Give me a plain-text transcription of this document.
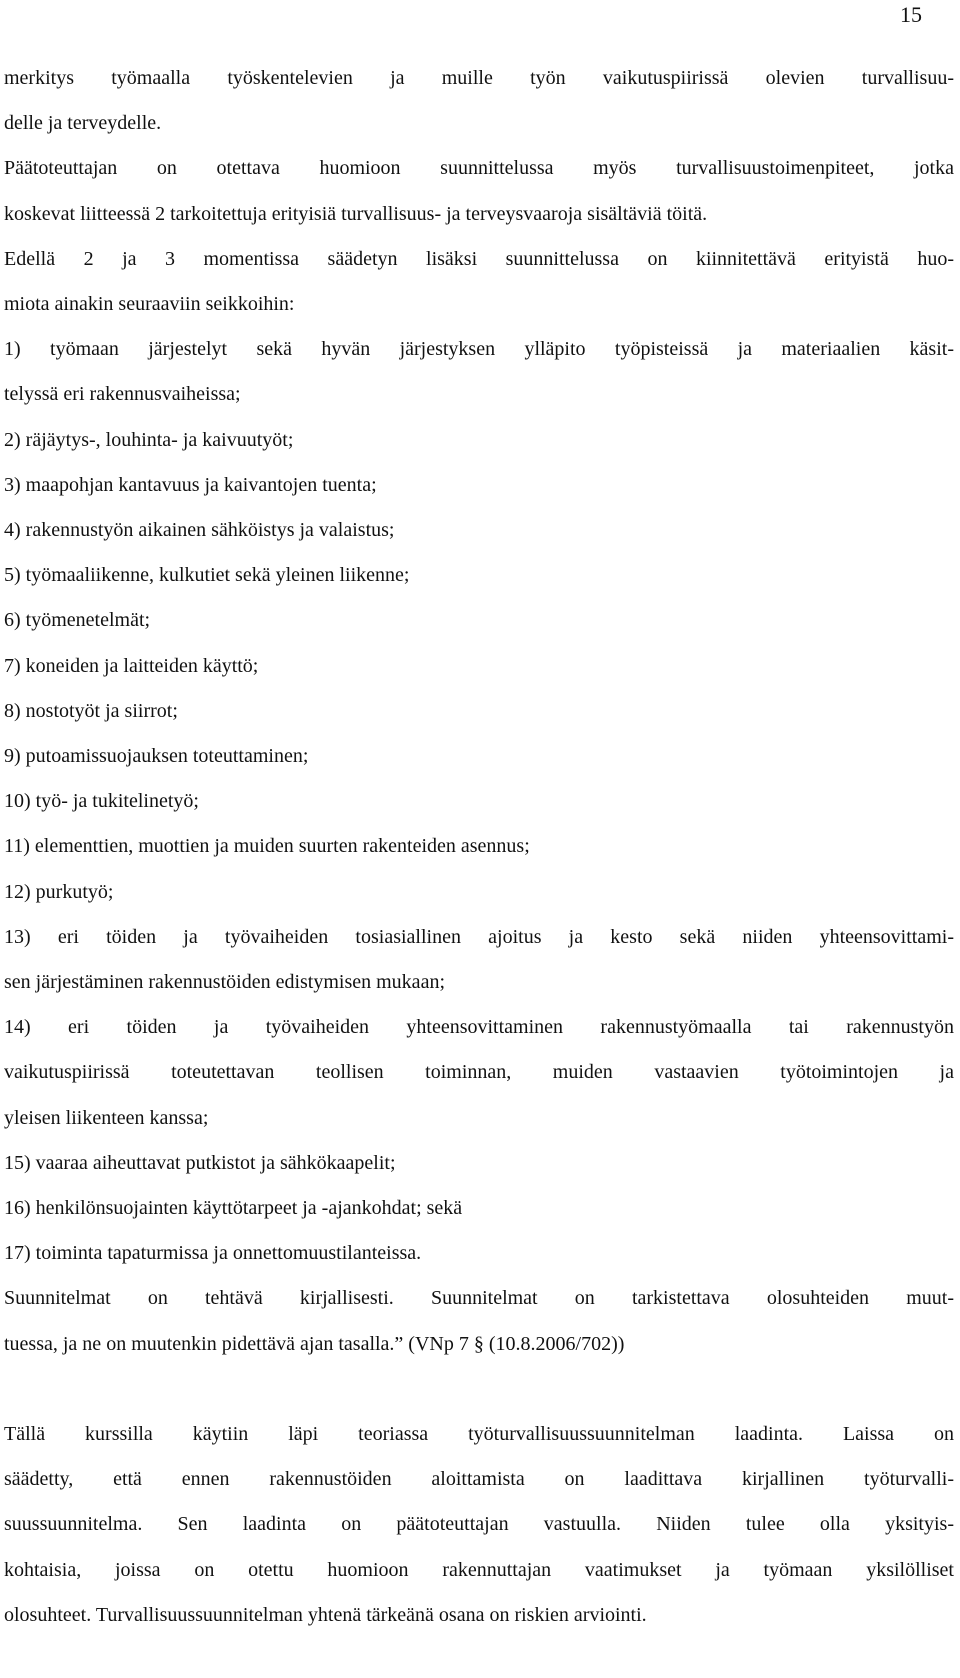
15
merkitys työmaalla työskentelevien ja muille työn vaikutuspiirissä olevien turvallisuu-
delle ja terveydelle.
Päätoteuttajan on otettava huomioon suunnittelussa myös turvallisuustoimenpiteet, jotka
koskevat liitteessä 2 tarkoitettuja erityisiä turvallisuus- ja terveysvaaroja sisältäviä töitä.
Edellä 2 ja 3 momentissa säädetyn lisäksi suunnittelussa on kiinnitettävä erityistä huo-
miota ainakin seuraaviin seikkoihin:
1) työmaan järjestelyt sekä hyvän järjestyksen ylläpito työpisteissä ja materiaalien käsit-
telyssä eri rakennusvaiheissa;
2) räjäytys-, louhinta- ja kaivuutyöt;
3) maapohjan kantavuus ja kaivantojen tuenta;
4) rakennustyön aikainen sähköistys ja valaistus;
5) työmaaliikenne, kulkutiet sekä yleinen liikenne;
6) työmenetelmät;
7) koneiden ja laitteiden käyttö;
8) nostotyöt ja siirrot;
9) putoamissuojauksen toteuttaminen;
10) työ- ja tukitelinetyö;
11) elementtien, muottien ja muiden suurten rakenteiden asennus;
12) purkutyö;
13) eri töiden ja työvaiheiden tosiasiallinen ajoitus ja kesto sekä niiden yhteensovittami-
sen järjestäminen rakennustöiden edistymisen mukaan;
14) eri töiden ja työvaiheiden yhteensovittaminen rakennustyömaalla tai rakennustyön
vaikutuspiirissä toteutettavan teollisen toiminnan, muiden vastaavien työtoimintojen ja
yleisen liikenteen kanssa;
15) vaaraa aiheuttavat putkistot ja sähkökaapelit;
16) henkilönsuojainten käyttötarpeet ja -ajankohdat; sekä
17) toiminta tapaturmissa ja onnettomuustilanteissa.
Suunnitelmat on tehtävä kirjallisesti. Suunnitelmat on tarkistettava olosuhteiden muut-
tuessa, ja ne on muutenkin pidettävä ajan tasalla.” (VNp 7 § (10.8.2006/702))
Tällä kurssilla käytiin läpi teoriassa työturvallisuussuunnitelman laadinta. Laissa on
säädetty, että ennen rakennustöiden aloittamista on laadittava kirjallinen työturvalli-
suussuunnitelma. Sen laadinta on päätoteuttajan vastuulla. Niiden tulee olla yksityis-
kohtaisia, joissa on otettu huomioon rakennuttajan vaatimukset ja työmaan yksilölliset
olosuhteet. Turvallisuussuunnitelman yhtenä tärkeänä osana on riskien arviointi.
